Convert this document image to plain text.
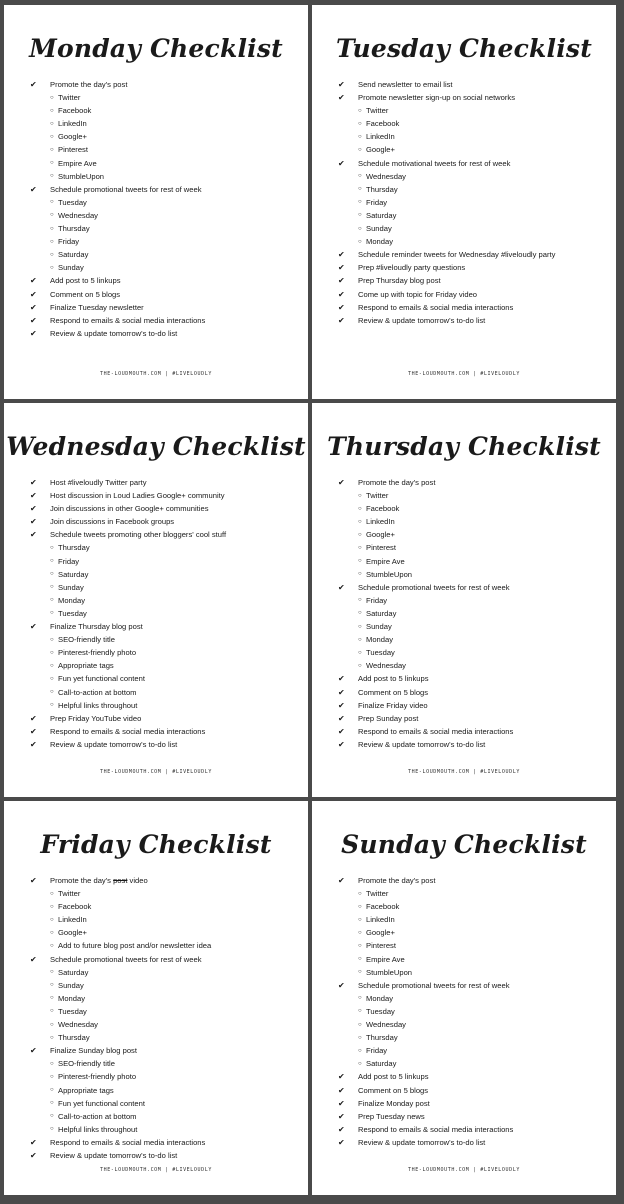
Monday Checklist
✔ Promote the day's post
○ Twitter
○ Facebook
○ LinkedIn
○ Google+
○ Pinterest
○ Empire Ave
○ StumbleUpon
✔ Schedule promotional tweets for rest of week
○ Tuesday
○ Wednesday
○ Thursday
○ Friday
○ Saturday
○ Sunday
✔ Add post to 5 linkups
✔ Comment on 5 blogs
✔ Finalize Tuesday newsletter
✔ Respond to emails & social media interactions
✔ Review & update tomorrow's to-do list
THE-LOUDMOUTH.COM | #LIVELOUDLY
Tuesday Checklist
✔ Send newsletter to email list
✔ Promote newsletter sign-up on social networks
○ Twitter
○ Facebook
○ LinkedIn
○ Google+
✔ Schedule motivational tweets for rest of week
○ Wednesday
○ Thursday
○ Friday
○ Saturday
○ Sunday
○ Monday
✔ Schedule reminder tweets for Wednesday #liveloudly party
✔ Prep #liveloudly party questions
✔ Prep Thursday blog post
✔ Come up with topic for Friday video
✔ Respond to emails & social media interactions
✔ Review & update tomorrow's to-do list
THE-LOUDMOUTH.COM | #LIVELOUDLY
Wednesday Checklist
✔ Host #liveloudly Twitter party
✔ Host discussion in Loud Ladies Google+ community
✔ Join discussions in other Google+ communities
✔ Join discussions in Facebook groups
✔ Schedule tweets promoting other bloggers' cool stuff
○ Thursday
○ Friday
○ Saturday
○ Sunday
○ Monday
○ Tuesday
✔ Finalize Thursday blog post
○ SEO-friendly title
○ Pinterest-friendly photo
○ Appropriate tags
○ Fun yet functional content
○ Call-to-action at bottom
○ Helpful links throughout
✔ Prep Friday YouTube video
✔ Respond to emails & social media interactions
✔ Review & update tomorrow's to-do list
THE-LOUDMOUTH.COM | #LIVELOUDLY
Thursday Checklist
✔ Promote the day's post
○ Twitter
○ Facebook
○ LinkedIn
○ Google+
○ Pinterest
○ Empire Ave
○ StumbleUpon
✔ Schedule promotional tweets for rest of week
○ Friday
○ Saturday
○ Sunday
○ Monday
○ Tuesday
○ Wednesday
✔ Add post to 5 linkups
✔ Comment on 5 blogs
✔ Finalize Friday video
✔ Prep Sunday post
✔ Respond to emails & social media interactions
✔ Review & update tomorrow's to-do list
THE-LOUDMOUTH.COM | #LIVELOUDLY
Friday Checklist
✔ Promote the day's post video
○ Twitter
○ Facebook
○ LinkedIn
○ Google+
○ Add to future blog post and/or newsletter idea
✔ Schedule promotional tweets for rest of week
○ Saturday
○ Sunday
○ Monday
○ Tuesday
○ Wednesday
○ Thursday
✔ Finalize Sunday blog post
○ SEO-friendly title
○ Pinterest-friendly photo
○ Appropriate tags
○ Fun yet functional content
○ Call-to-action at bottom
○ Helpful links throughout
✔ Respond to emails & social media interactions
✔ Review & update tomorrow's to-do list
THE-LOUDMOUTH.COM | #LIVELOUDLY
Sunday Checklist
✔ Promote the day's post
○ Twitter
○ Facebook
○ LinkedIn
○ Google+
○ Pinterest
○ Empire Ave
○ StumbleUpon
✔ Schedule promotional tweets for rest of week
○ Monday
○ Tuesday
○ Wednesday
○ Thursday
○ Friday
○ Saturday
✔ Add post to 5 linkups
✔ Comment on 5 blogs
✔ Finalize Monday post
✔ Prep Tuesday news
✔ Respond to emails & social media interactions
✔ Review & update tomorrow's to-do list
THE-LOUDMOUTH.COM | #LIVELOUDLY
